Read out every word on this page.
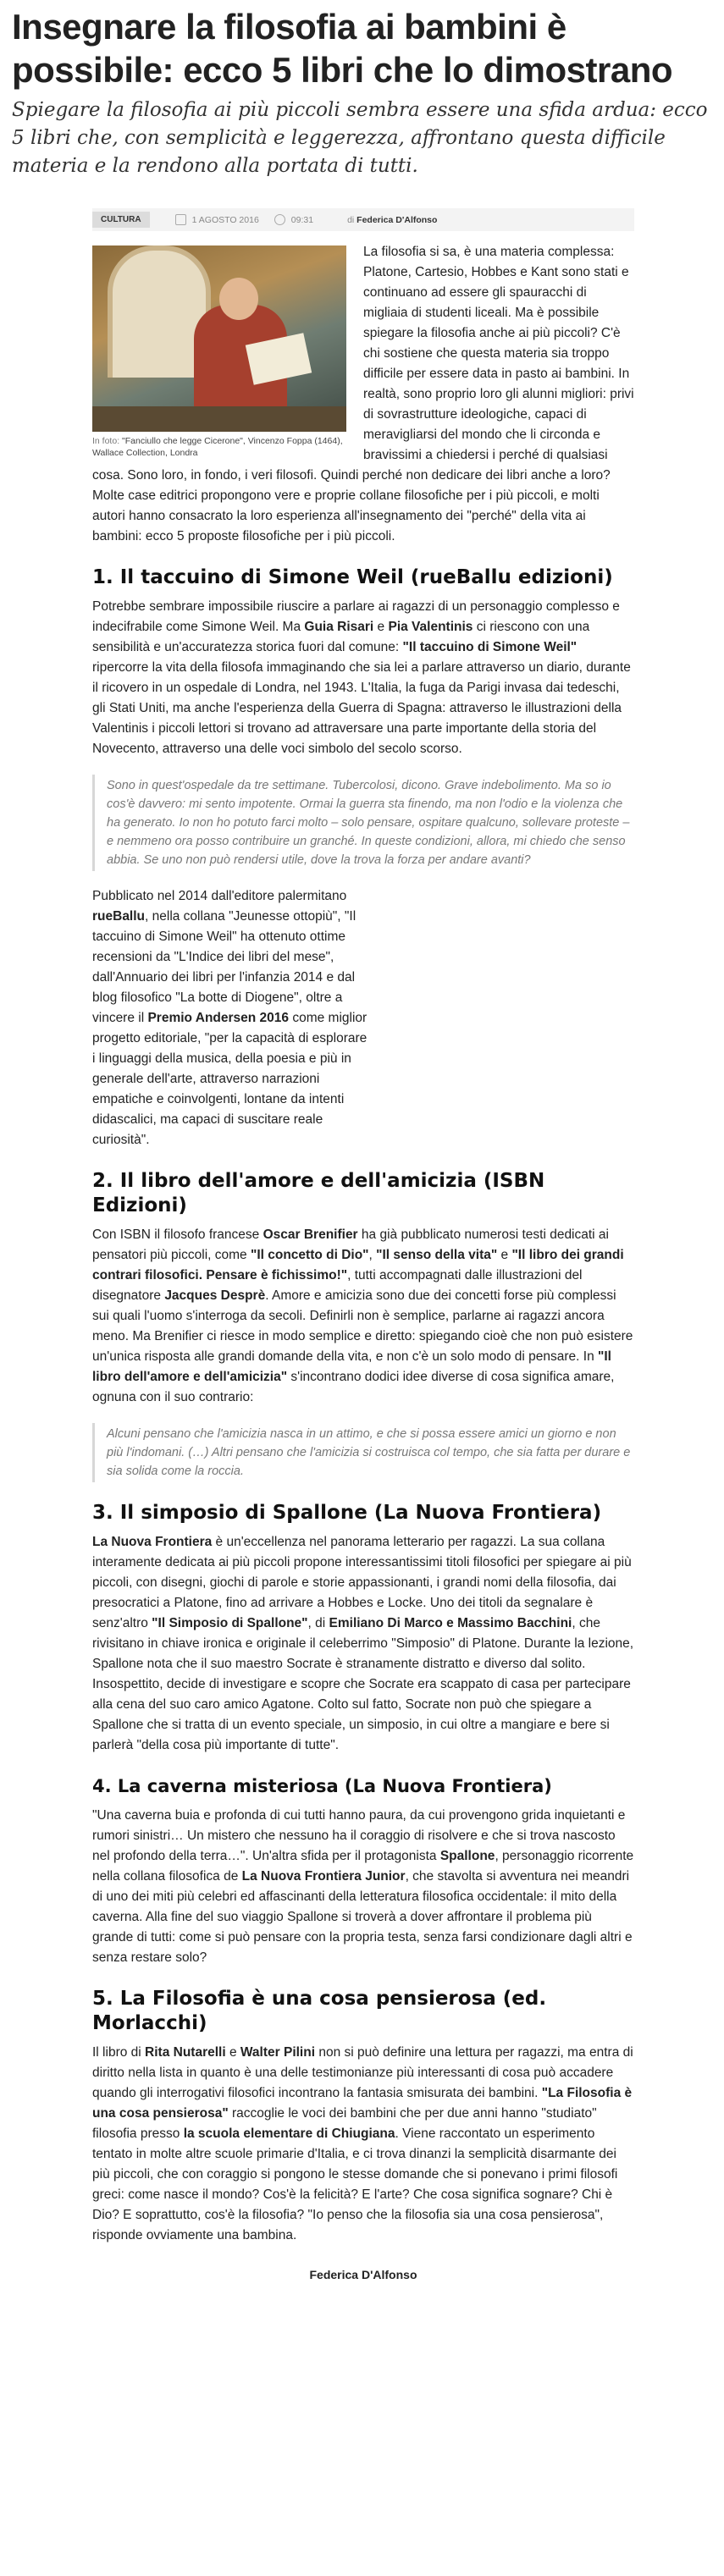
Insegnare la filosofia ai bambini è possibile: ecco 5 libri che lo dimostrano

Spiegare la filosofia ai più piccoli sembra essere una sfida ardua: ecco 5 libri che, con semplicità e leggerezza, affrontano questa difficile materia e la rendono alla portata di tutti.

CULTURA	1 AGOSTO 2016	09:31	di Federica D'Alfonso
In foto: "Fanciullo che legge Cicerone", Vincenzo Foppa (1464), Wallace Collection, Londra

La filosofia si sa, è una materia complessa: Platone, Cartesio, Hobbes e Kant sono stati e continuano ad essere gli spauracchi di migliaia di studenti liceali. Ma è possibile spiegare la filosofia anche ai più piccoli? C'è chi sostiene che questa materia sia troppo difficile per essere data in pasto ai bambini. In realtà, sono proprio loro gli alunni migliori: privi di sovrastrutture ideologiche, capaci di meravigliarsi del mondo che li circonda e bravissimi a chiedersi i perché di qualsiasi cosa. Sono loro, in fondo, i veri filosofi. Quindi perché non dedicare dei libri anche a loro? Molte case editrici propongono vere e proprie collane filosofiche per i più piccoli, e molti autori hanno consacrato la loro esperienza all'insegnamento dei "perché" della vita ai bambini: ecco 5 proposte filosofiche per i più piccoli.

1. Il taccuino di Simone Weil (rueBallu edizioni)

Potrebbe sembrare impossibile riuscire a parlare ai ragazzi di un personaggio complesso e indecifrabile come Simone Weil. Ma Guia Risari e Pia Valentinis ci riescono con una sensibilità e un'accuratezza storica fuori dal comune: "Il taccuino di Simone Weil" ripercorre la vita della filosofa immaginando che sia lei a parlare attraverso un diario, durante il ricovero in un ospedale di Londra, nel 1943. L'Italia, la fuga da Parigi invasa dai tedeschi, gli Stati Uniti, ma anche l'esperienza della Guerra di Spagna: attraverso le illustrazioni della Valentinis i piccoli lettori si trovano ad attraversare una parte importante della storia del Novecento, attraverso una delle voci simbolo del secolo scorso.

Sono in quest'ospedale da tre settimane. Tubercolosi, dicono. Grave indebolimento. Ma so io cos'è davvero: mi sento impotente. Ormai la guerra sta finendo, ma non l'odio e la violenza che ha generato. Io non ho potuto farci molto – solo pensare, ospitare qualcuno, sollevare proteste – e nemmeno ora posso contribuire un granché. In queste condizioni, allora, mi chiedo che senso abbia. Se uno non può rendersi utile, dove la trova la forza per andare avanti?

Pubblicato nel 2014 dall'editore palermitano rueBallu, nella collana "Jeunesse ottopiù", "Il taccuino di Simone Weil" ha ottenuto ottime recensioni da "L'Indice dei libri del mese", dall'Annuario dei libri per l'infanzia 2014 e dal blog filosofico "La botte di Diogene", oltre a vincere il Premio Andersen 2016 come miglior progetto editoriale, "per la capacità di esplorare i linguaggi della musica, della poesia e più in generale dell'arte, attraverso narrazioni empatiche e coinvolgenti, lontane da intenti didascalici, ma capaci di suscitare reale curiosità".

2. Il libro dell'amore e dell'amicizia (ISBN Edizioni)

Con ISBN il filosofo francese Oscar Brenifier ha già pubblicato numerosi testi dedicati ai pensatori più piccoli, come "Il concetto di Dio", "Il senso della vita" e "Il libro dei grandi contrari filosofici. Pensare è fichissimo!", tutti accompagnati dalle illustrazioni del disegnatore Jacques Desprè. Amore e amicizia sono due dei concetti forse più complessi sui quali l'uomo s'interroga da secoli. Definirli non è semplice, parlarne ai ragazzi ancora meno. Ma Brenifier ci riesce in modo semplice e diretto: spiegando cioè che non può esistere un'unica risposta alle grandi domande della vita, e non c'è un solo modo di pensare. In "Il libro dell'amore e dell'amicizia" s'incontrano dodici idee diverse di cosa significa amare, ognuna con il suo contrario:

Alcuni pensano che l'amicizia nasca in un attimo, e che si possa essere amici un giorno e non più l'indomani. (…) Altri pensano che l'amicizia si costruisca col tempo, che sia fatta per durare e sia solida come la roccia.
3. Il simposio di Spallone (La Nuova Frontiera)

La Nuova Frontiera è un'eccellenza nel panorama letterario per ragazzi. La sua collana interamente dedicata ai più piccoli propone interessantissimi titoli filosofici per spiegare ai più piccoli, con disegni, giochi di parole e storie appassionanti, i grandi nomi della filosofia, dai presocratici a Platone, fino ad arrivare a Hobbes e Locke. Uno dei titoli da segnalare è senz'altro "Il Simposio di Spallone", di Emiliano Di Marco e Massimo Bacchini, che rivisitano in chiave ironica e originale il celeberrimo "Simposio" di Platone. Durante la lezione, Spallone nota che il suo maestro Socrate è stranamente distratto e diverso dal solito. Insospettito, decide di investigare e scopre che Socrate era scappato di casa per partecipare alla cena del suo caro amico Agatone. Colto sul fatto, Socrate non può che spiegare a Spallone che si tratta di un evento speciale, un simposio, in cui oltre a mangiare e bere si parlerà "della cosa più importante di tutte".

4. La caverna misteriosa (La Nuova Frontiera)

"Una caverna buia e profonda di cui tutti hanno paura, da cui provengono grida inquietanti e rumori sinistri… Un mistero che nessuno ha il coraggio di risolvere e che si trova nascosto nel profondo della terra…". Un'altra sfida per il protagonista Spallone, personaggio ricorrente nella collana filosofica de La Nuova Frontiera Junior, che stavolta si avventura nei meandri di uno dei miti più celebri ed affascinanti della letteratura filosofica occidentale: il mito della caverna. Alla fine del suo viaggio Spallone si troverà a dover affrontare il problema più grande di tutti: come si può pensare con la propria testa, senza farsi condizionare dagli altri e senza restare solo?

5. La Filosofia è una cosa pensierosa (ed. Morlacchi)

Il libro di Rita Nutarelli e Walter Pilini non si può definire una lettura per ragazzi, ma entra di diritto nella lista in quanto è una delle testimonianze più interessanti di cosa può accadere quando gli interrogativi filosofici incontrano la fantasia smisurata dei bambini. "La Filosofia è una cosa pensierosa" raccoglie le voci dei bambini che per due anni hanno "studiato" filosofia presso la scuola elementare di Chiugiana. Viene raccontato un esperimento tentato in molte altre scuole primarie d'Italia, e ci trova dinanzi la semplicità disarmante dei più piccoli, che con coraggio si pongono le stesse domande che si ponevano i primi filosofi greci: come nasce il mondo? Cos'è la felicità? E l'arte? Che cosa significa sognare? Chi è Dio? E soprattutto, cos'è la filosofia? "Io penso che la filosofia sia una cosa pensierosa", risponde ovviamente una bambina.

Federica D'Alfonso
